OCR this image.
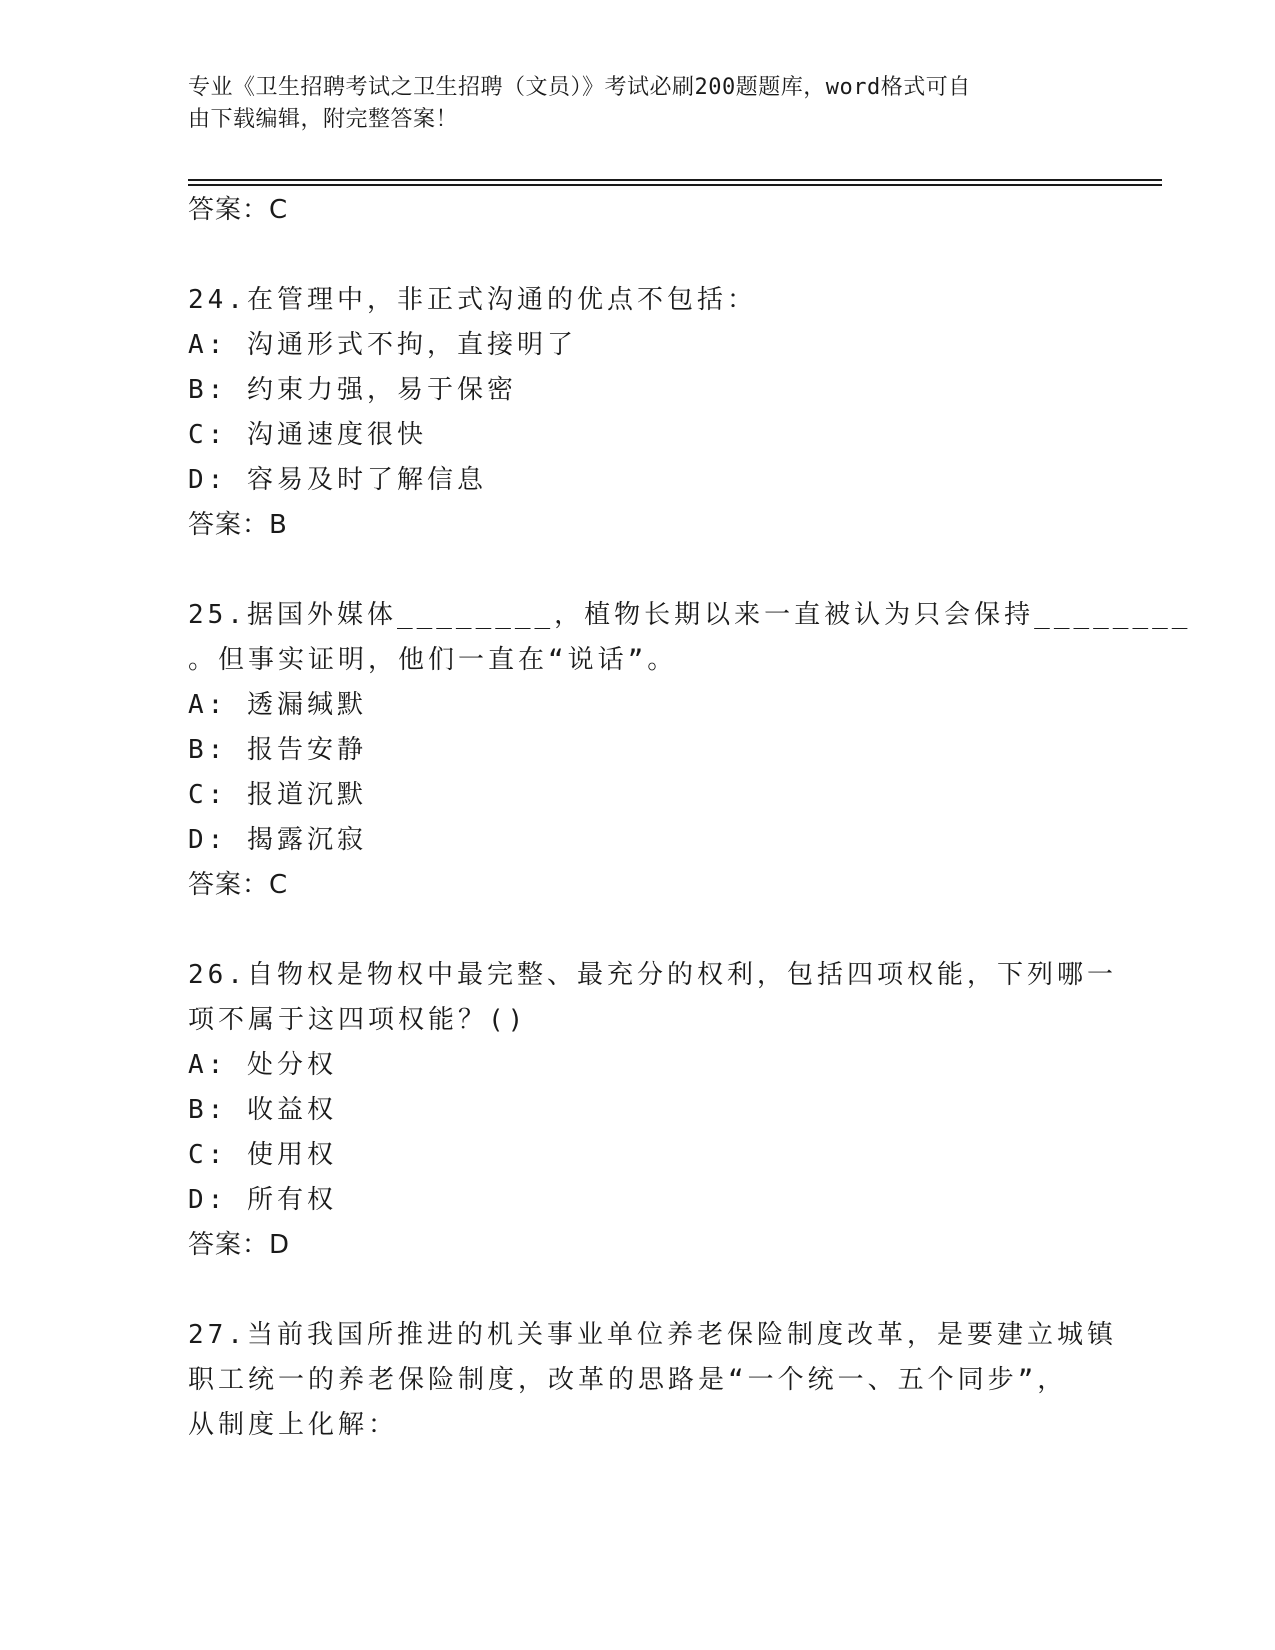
专业《卫生招聘考试之卫生招聘（文员）》考试必刷200题题库，word格式可自
由下载编辑，附完整答案！
答案：C
24.在管理中，非正式沟通的优点不包括：
A: 沟通形式不拘，直接明了
B: 约束力强，易于保密
C: 沟通速度很快
D: 容易及时了解信息
答案：B
25.据国外媒体________，植物长期以来一直被认为只会保持________
。但事实证明，他们一直在“说话”。
A: 透漏缄默
B: 报告安静
C: 报道沉默
D: 揭露沉寂
答案：C
26.自物权是物权中最完整、最充分的权利，包括四项权能，下列哪一
项不属于这四项权能？()
A: 处分权
B: 收益权
C: 使用权
D: 所有权
答案：D
27.当前我国所推进的机关事业单位养老保险制度改革，是要建立城镇
职工统一的养老保险制度，改革的思路是“一个统一、五个同步”，
从制度上化解：
